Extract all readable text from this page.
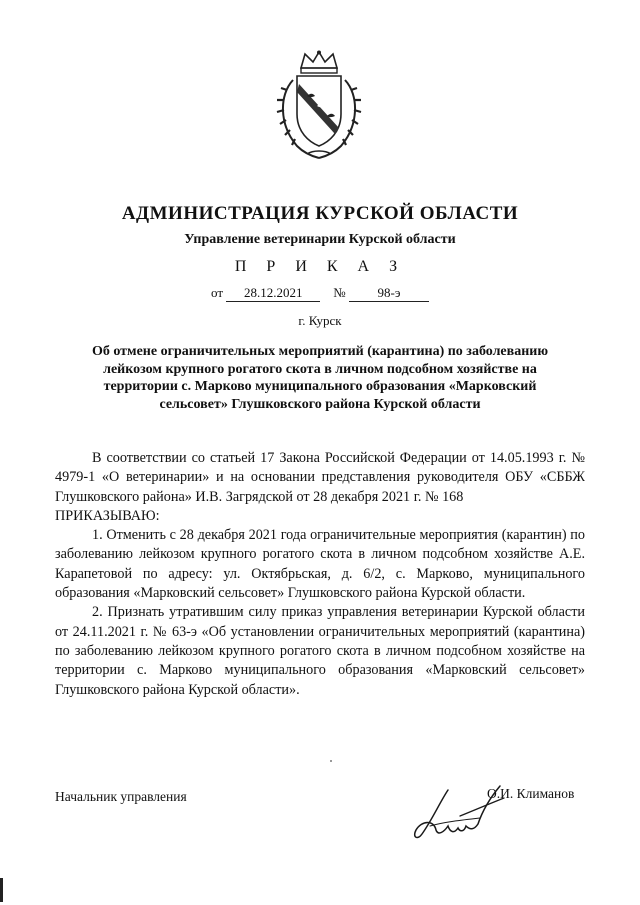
АДМИНИСТРАЦИЯ КУРСКОЙ ОБЛАСТИ
Управление ветеринарии Курской области
П Р И К А З
от 28.12.2021 № 98-э
г. Курск
Об отмене ограничительных мероприятий (карантина) по заболеванию лейкозом крупного рогатого скота в личном подсобном хозяйстве на территории с. Марково муниципального образования «Марковский сельсовет» Глушковского района Курской области

В соответствии со статьей 17 Закона Российской Федерации от 14.05.1993 г. № 4979-1 «О ветеринарии» и на основании представления руководителя ОБУ «СББЖ Глушковского района» И.В. Загрядской от 28 декабря 2021 г. № 168

ПРИКАЗЫВАЮ:

1. Отменить с 28 декабря 2021 года ограничительные мероприятия (карантин) по заболеванию лейкозом крупного рогатого скота в личном подсобном хозяйстве А.Е. Карапетовой по адресу: ул. Октябрьская, д. 6/2, с. Марково, муниципального образования «Марковский сельсовет» Глушковского района Курской области.

2. Признать утратившим силу приказ управления ветеринарии Курской области от 24.11.2021 г. № 63-э «Об установлении ограничительных мероприятий (карантина) по заболеванию лейкозом крупного рогатого скота в личном подсобном хозяйстве на территории с. Марково муниципального образования «Марковский сельсовет» Глушковского района Курской области».

Начальник управления	О.И. Климанов
